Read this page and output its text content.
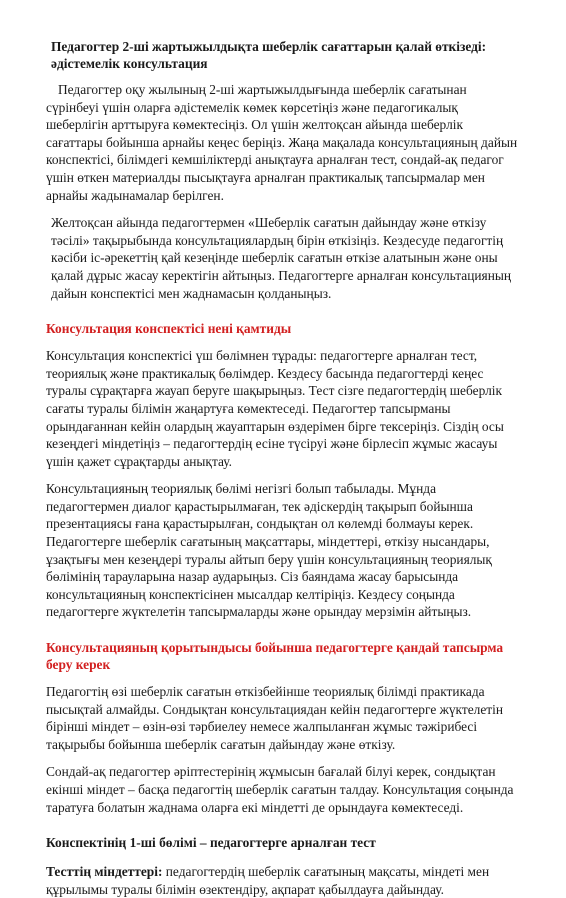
Педагогтер 2-ші жартыжылдықта шеберлік сағаттарын қалай өткізеді: әдістемелік консультация

Педагогтер оқу жылының 2-ші жартыжылдығында шеберлік сағатынан сүрінбеуі үшін оларға әдістемелік көмек көрсетіңіз және педагогикалық шеберлігін арттыруға көмектесіңіз. Ол үшін желтоқсан айында шеберлік сағаттары бойынша арнайы кеңес беріңіз. Жаңа мақалада консультацияның дайын конспектісі, білімдегі кемшіліктерді анықтауға арналған тест, сондай-ақ педагог үшін өткен материалды пысықтауға арналған практикалық тапсырмалар мен арнайы жадынамалар берілген.

Желтоқсан айында педагогтермен «Шеберлік сағатын дайындау және өткізу тәсілі» тақырыбында консультациялардың бірін өткізіңіз. Кездесуде педагогтің кәсіби іс-әрекеттің қай кезеңінде шеберлік сағатын өткізе алатынын және оны қалай дұрыс жасау керектігін айтыңыз. Педагогтерге арналған консультацияның дайын конспектісі мен жаднамасын қолданыңыз.

Консультация конспектісі нені қамтиды

Консультация конспектісі үш бөлімнен тұрады: педагогтерге арналған тест, теориялық және практикалық бөлімдер. Кездесу басында педагогтерді кеңес туралы сұрақтарға жауап беруге шақырыңыз. Тест сізге педагогтердің шеберлік сағаты туралы білімін жаңартуға көмектеседі. Педагогтер тапсырманы орындағаннан кейін олардың жауаптарын өздерімен бірге тексеріңіз. Сіздің осы кезеңдегі міндетіңіз – педагогтердің есіне түсіруі және бірлесіп жұмыс жасауы үшін қажет сұрақтарды анықтау.

Консультацияның теориялық бөлімі негізгі болып табылады. Мұнда педагогтермен диалог қарастырылмаған, тек әдіскердің тақырып бойынша презентациясы ғана қарастырылған, сондықтан ол көлемді болмауы керек. Педагогтерге шеберлік сағатының мақсаттары, міндеттері, өткізу нысандары, ұзақтығы мен кезеңдері туралы айтып беру үшін консультацияның теориялық бөлімінің тарауларына назар аударыңыз. Сіз баяндама жасау барысында консультацияның конспектісінен мысалдар келтіріңіз. Кездесу соңында педагогтерге жүктелетін тапсырмаларды және орындау мерзімін айтыңыз.

Консультацияның қорытындысы бойынша педагогтерге қандай тапсырма беру керек

Педагогтің өзі шеберлік сағатын өткізбейінше теориялық білімді практикада пысықтай алмайды. Сондықтан консультациядан кейін педагогтерге жүктелетін бірінші міндет – өзін-өзі тәрбиелеу немесе жалпыланған жұмыс тәжірибесі тақырыбы бойынша шеберлік сағатын дайындау және өткізу.

Сондай-ақ педагогтер әріптестерінің жұмысын бағалай білуі керек, сондықтан екінші міндет – басқа педагогтің шеберлік сағатын талдау. Консультация соңында таратуға болатын жаднама оларға екі міндетті де орындауға көмектеседі.

Конспектінің 1-ші бөлімі – педагогтерге арналған тест

Тесттің міндеттері: педагогтердің шеберлік сағатының мақсаты, міндеті мен құрылымы туралы білімін өзектендіру, ақпарат қабылдауға дайындау.
